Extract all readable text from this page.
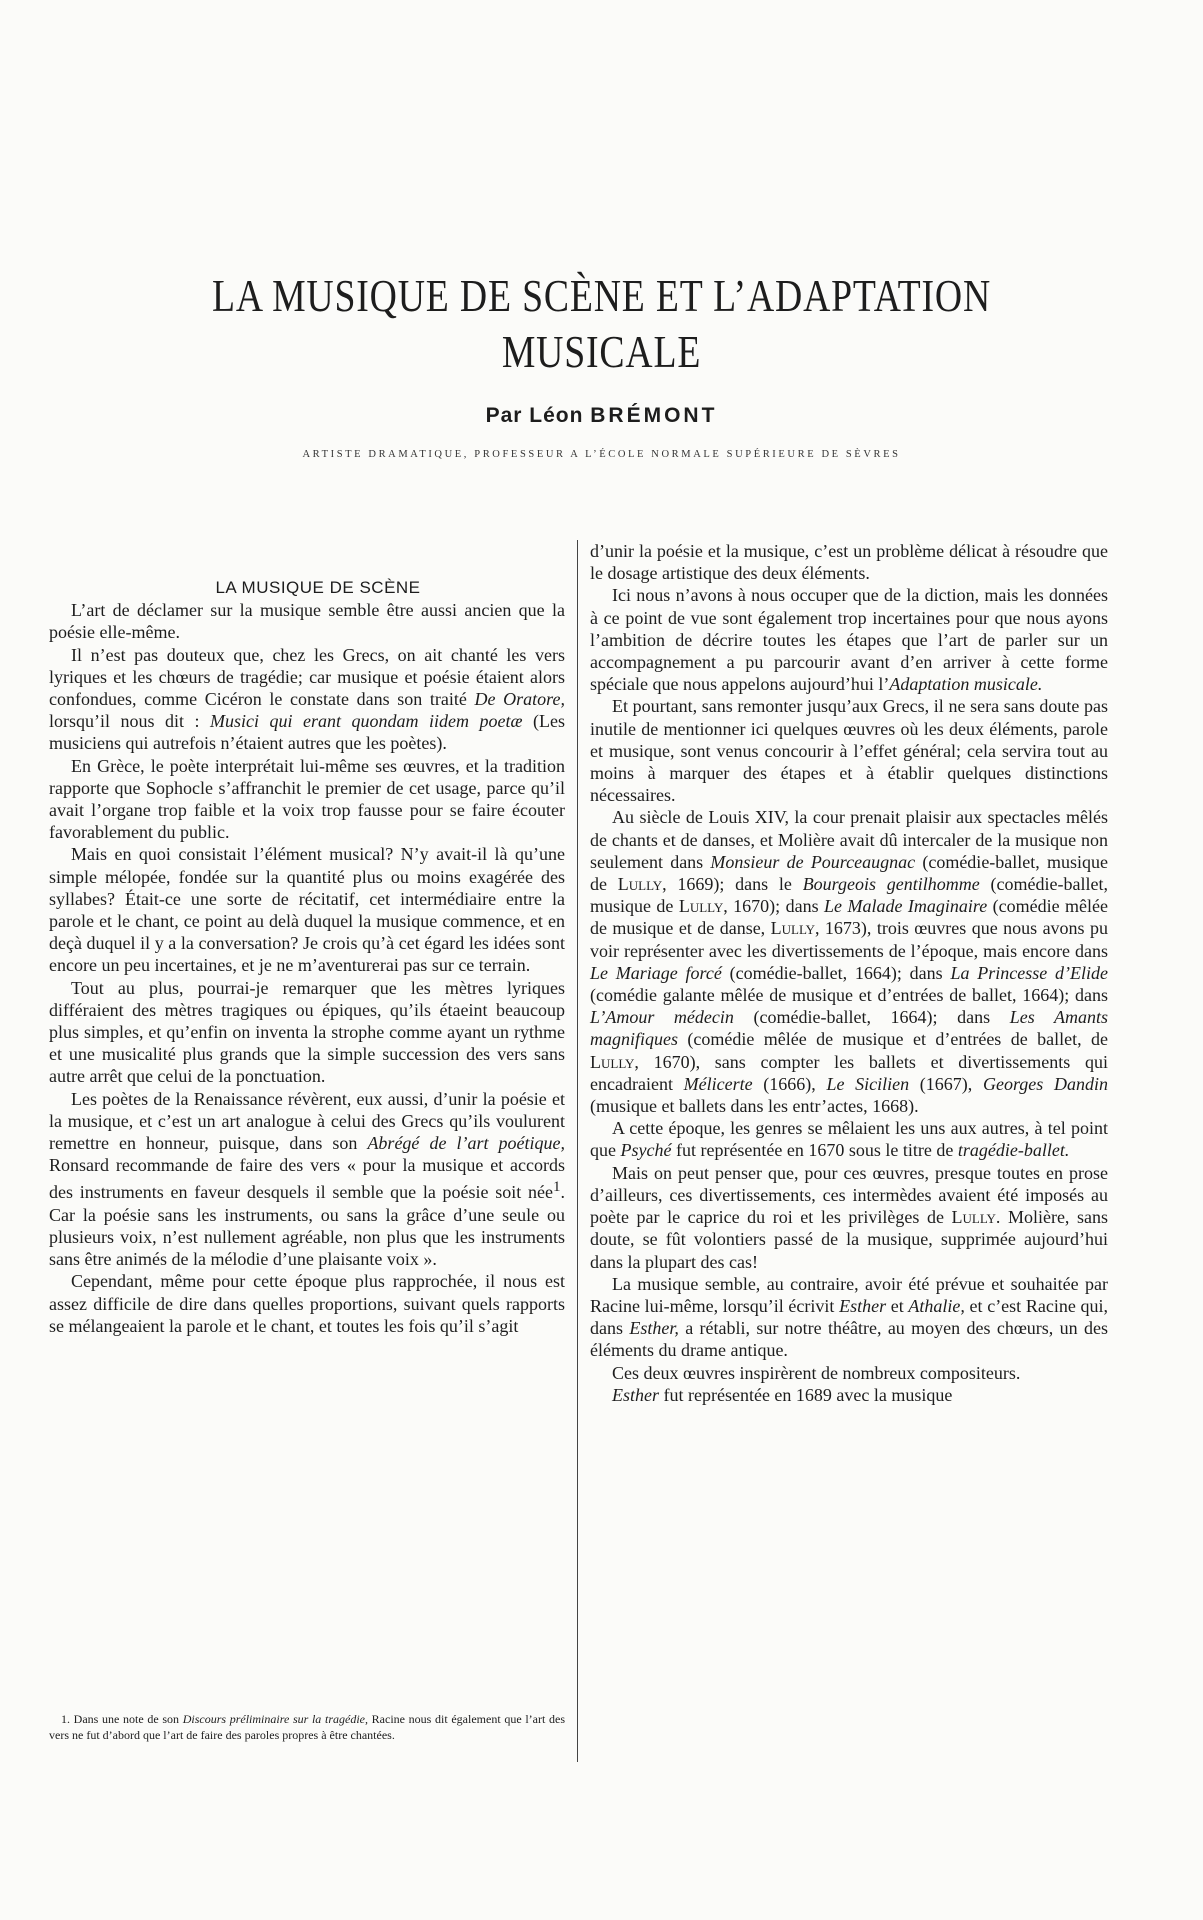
LA MUSIQUE DE SCÈNE ET L’ADAPTATION
MUSICALE

Par Léon BRÉMONT

ARTISTE DRAMATIQUE, PROFESSEUR A L’ÉCOLE NORMALE SUPÉRIEURE DE SÈVRES

LA MUSIQUE DE SCÈNE

L’art de déclamer sur la musique semble être aussi ancien que la poésie elle-même.

Il n’est pas douteux que, chez les Grecs, on ait chanté les vers lyriques et les chœurs de tragédie; car musique et poésie étaient alors confondues, comme Cicéron le constate dans son traité De Oratore, lorsqu’il nous dit : Musici qui erant quondam iidem poetæ (Les musiciens qui autrefois n’étaient autres que les poètes).

En Grèce, le poète interprétait lui-même ses œuvres, et la tradition rapporte que Sophocle s’affranchit le premier de cet usage, parce qu’il avait l’organe trop faible et la voix trop fausse pour se faire écouter favorablement du public.

Mais en quoi consistait l’élément musical? N’y avait-il là qu’une simple mélopée, fondée sur la quantité plus ou moins exagérée des syllabes? Était-ce une sorte de récitatif, cet intermédiaire entre la parole et le chant, ce point au delà duquel la musique commence, et en deçà duquel il y a la conversation? Je crois qu’à cet égard les idées sont encore un peu incertaines, et je ne m’aventurerai pas sur ce terrain.

Tout au plus, pourrai-je remarquer que les mètres lyriques différaient des mètres tragiques ou épiques, qu’ils étaeint beaucoup plus simples, et qu’enfin on inventa la strophe comme ayant un rythme et une musicalité plus grands que la simple succession des vers sans autre arrêt que celui de la ponctuation.

Les poètes de la Renaissance révèrent, eux aussi, d’unir la poésie et la musique, et c’est un art analogue à celui des Grecs qu’ils voulurent remettre en honneur, puisque, dans son Abrégé de l’art poétique, Ronsard recommande de faire des vers « pour la musique et accords des instruments en faveur desquels il semble que la poésie soit née$^1$. Car la poésie sans les instruments, ou sans la grâce d’une seule ou plusieurs voix, n’est nullement agréable, non plus que les instruments sans être animés de la mélodie d’une plaisante voix ».

Cependant, même pour cette époque plus rapprochée, il nous est assez difficile de dire dans quelles proportions, suivant quels rapports se mélangeaient la parole et le chant, et toutes les fois qu’il s’agit

1. Dans une note de son Discours préliminaire sur la tragédie, Racine nous dit également que l’art des vers ne fut d’abord que l’art de faire des paroles propres à être chantées.

d’unir la poésie et la musique, c’est un problème délicat à résoudre que le dosage artistique des deux éléments.

Ici nous n’avons à nous occuper que de la diction, mais les données à ce point de vue sont également trop incertaines pour que nous ayons l’ambition de décrire toutes les étapes que l’art de parler sur un accompagnement a pu parcourir avant d’en arriver à cette forme spéciale que nous appelons aujourd’hui l’Adaptation musicale.

Et pourtant, sans remonter jusqu’aux Grecs, il ne sera sans doute pas inutile de mentionner ici quelques œuvres où les deux éléments, parole et musique, sont venus concourir à l’effet général; cela servira tout au moins à marquer des étapes et à établir quelques distinctions nécessaires.

Au siècle de Louis XIV, la cour prenait plaisir aux spectacles mêlés de chants et de danses, et Molière avait dû intercaler de la musique non seulement dans Monsieur de Pourceaugnac (comédie-ballet, musique de Lully, 1669); dans le Bourgeois gentilhomme (comédie-ballet, musique de Lully, 1670); dans Le Malade Imaginaire (comédie mêlée de musique et de danse, Lully, 1673), trois œuvres que nous avons pu voir représenter avec les divertissements de l’époque, mais encore dans Le Mariage forcé (comédie-ballet, 1664); dans La Princesse d’Elide (comédie galante mêlée de musique et d’entrées de ballet, 1664); dans L’Amour médecin (comédie-ballet, 1664); dans Les Amants magnifiques (comédie mêlée de musique et d’entrées de ballet, de Lully, 1670), sans compter les ballets et divertissements qui encadraient Mélicerte (1666), Le Sicilien (1667), Georges Dandin (musique et ballets dans les entr’actes, 1668).

A cette époque, les genres se mêlaient les uns aux autres, à tel point que Psyché fut représentée en 1670 sous le titre de tragédie-ballet.

Mais on peut penser que, pour ces œuvres, presque toutes en prose d’ailleurs, ces divertissements, ces intermèdes avaient été imposés au poète par le caprice du roi et les privilèges de Lully. Molière, sans doute, se fût volontiers passé de la musique, supprimée aujourd’hui dans la plupart des cas!

La musique semble, au contraire, avoir été prévue et souhaitée par Racine lui-même, lorsqu’il écrivit Esther et Athalie, et c’est Racine qui, dans Esther, a rétabli, sur notre théâtre, au moyen des chœurs, un des éléments du drame antique.

Ces deux œuvres inspirèrent de nombreux compositeurs.

Esther fut représentée en 1689 avec la musique
